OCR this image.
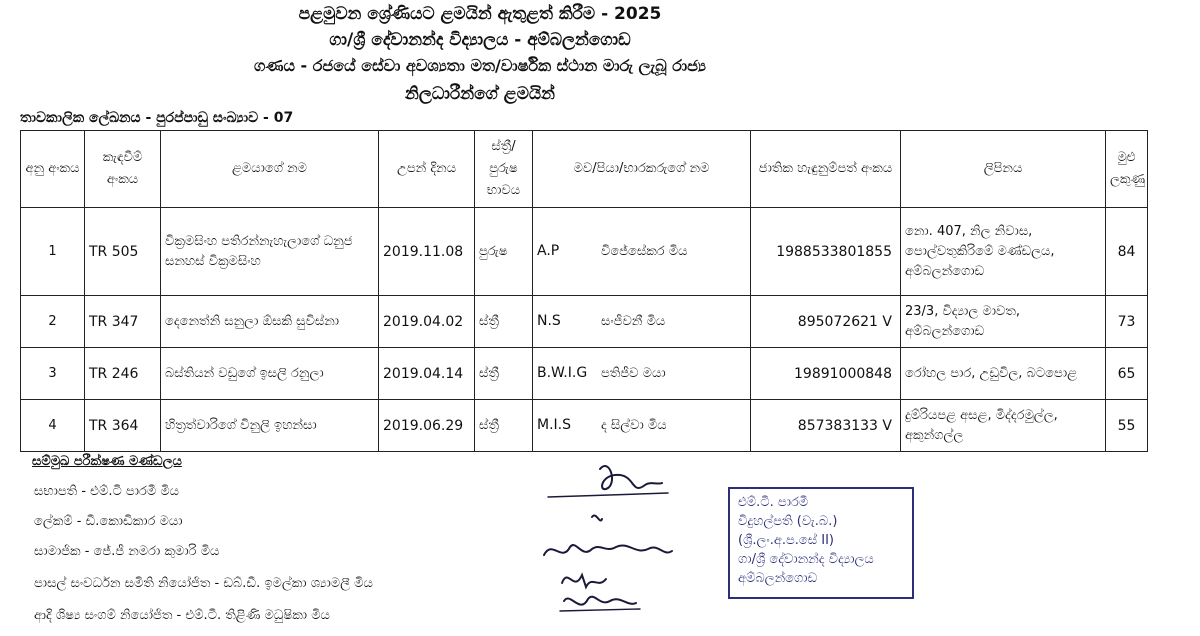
පළමුවන ශ්‍රේණියට ළමයින් ඇතුළත් කිරීම - 2025
ගා/ශ්‍රී දේවානන්ද විද්‍යාලය - අම්බලන්ගොඩ
ගණය - රජයේ සේවා අවශ්‍යතා මත/වාර්ෂික ස්ථාන මාරු ලැබූ රාජ්‍ය
නිලධාරීන්ගේ ළමයින්
තාවකාලික ලේඛනය - පුරප්පාඩු සංඛ්‍යාව - 07
අනු අංකය	කැඳවීම් අංකය	ළමයාගේ නම	උපන් දිනය	ස්ත්‍රී/ පුරුෂ භාවය	මව/පියා/භාරකරුගේ නම	ජාතික හැඳුනුම්පත් අංකය	ලිපිනය	මුළු ලකුණු
1	TR 505	වික්‍රමසිංහ පතිරන්නැහැලාගේ ධනුජ සනහස් වික්‍රමසිංහ	2019.11.08	පුරුෂ	A.P විජේසේකර මිය	198853380185​5	නො. 407, නිල නිවාස, පොල්වතුකිරිමේ මණ්ඩලය, අම්බලන්ගොඩ	84
2	TR 347	දෙනෙත්නි සනුලා ඕසකි සුවිස්නා	2019.04.02	ස්ත්‍රී	N.S සංජීවනී මිය	895072621 V	23/3, විද්‍යාල මාවත, අම්බලන්ගොඩ	73
3	TR 246	බස්තියන් වඩුගේ ඉසලි රනුලා	2019.04.14	ස්ත්‍රී	B.W.I.G පතිජීව මයා	19891000848	රෝහල පාර, උඩුවිල, බටපොළ	65
4	TR 364	හිත්‍රත්වාරිගේ විනුලි ඉහන්සා	2019.06.29	ස්ත්‍රී	M.I.S ද සිල්වා මිය	857383133 V	දුම්රියපළ අසළ, මිද්දරමුල්ල, අකුන්ගල්ල	55
සම්මුඛ පරීක්ෂණ මණ්ඩලය
සභාපති - එම්.ටී පාරමී මිය
ලේකම් - ඩී.කොඩිකාර මයා
සාමාජික - ජේ.ජී නමරා කුමාරි මිය
පාසල් සංවර්ධන සමිති නියෝජිත - ඩබ්.ඩී. ඉමල්කා ශ්‍යාමලී මිය
ආදි ශිෂ්‍ය සංගම් නියෝජිත - එම්.ටී. තිළිණි මධුෂිකා මිය
එම්.ටී. පාරමී
විදුහල්පති (වැ.බ.)
(ශ්‍රී.ලං.අ.ප.සේ II)
ගා/ශ්‍රී දේවානන්ද විද්‍යාලය
අම්බලන්ගොඩ
